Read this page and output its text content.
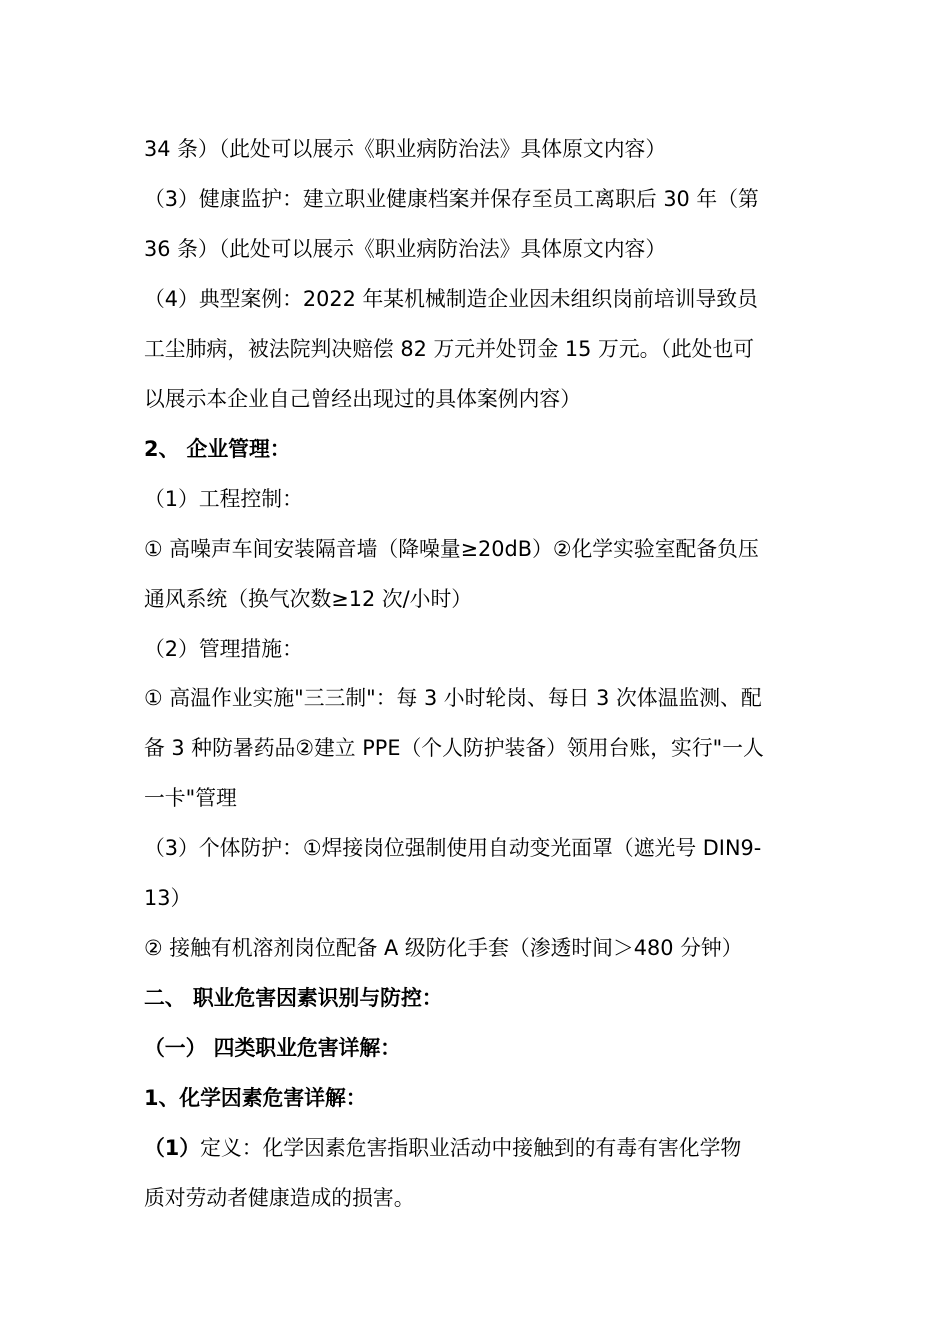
34 条）（此处可以展示《职业病防治法》具体原文内容）
（3）健康监护：建立职业健康档案并保存至员工离职后 30 年（第
36 条）（此处可以展示《职业病防治法》具体原文内容）
（4）典型案例：2022 年某机械制造企业因未组织岗前培训导致员
工尘肺病，被法院判决赔偿 82 万元并处罚金 15 万元。（此处也可
以展示本企业自己曾经出现过的具体案例内容）
2、 企业管理：
（1）工程控制：
① 高噪声车间安装隔音墙（降噪量≥20dB）②化学实验室配备负压
通风系统（换气次数≥12 次/小时）
（2）管理措施：
① 高温作业实施"三三制"：每 3 小时轮岗、每日 3 次体温监测、配
备 3 种防暑药品②建立 PPE（个人防护装备）领用台账，实行"一人
一卡"管理
（3）个体防护：①焊接岗位强制使用自动变光面罩（遮光号 DIN9-
13）
② 接触有机溶剂岗位配备 A 级防化手套（渗透时间＞480 分钟）
二、 职业危害因素识别与防控：
（一） 四类职业危害详解：
1、化学因素危害详解：
（1）定义：化学因素危害指职业活动中接触到的有毒有害化学物
质对劳动者健康造成的损害。
